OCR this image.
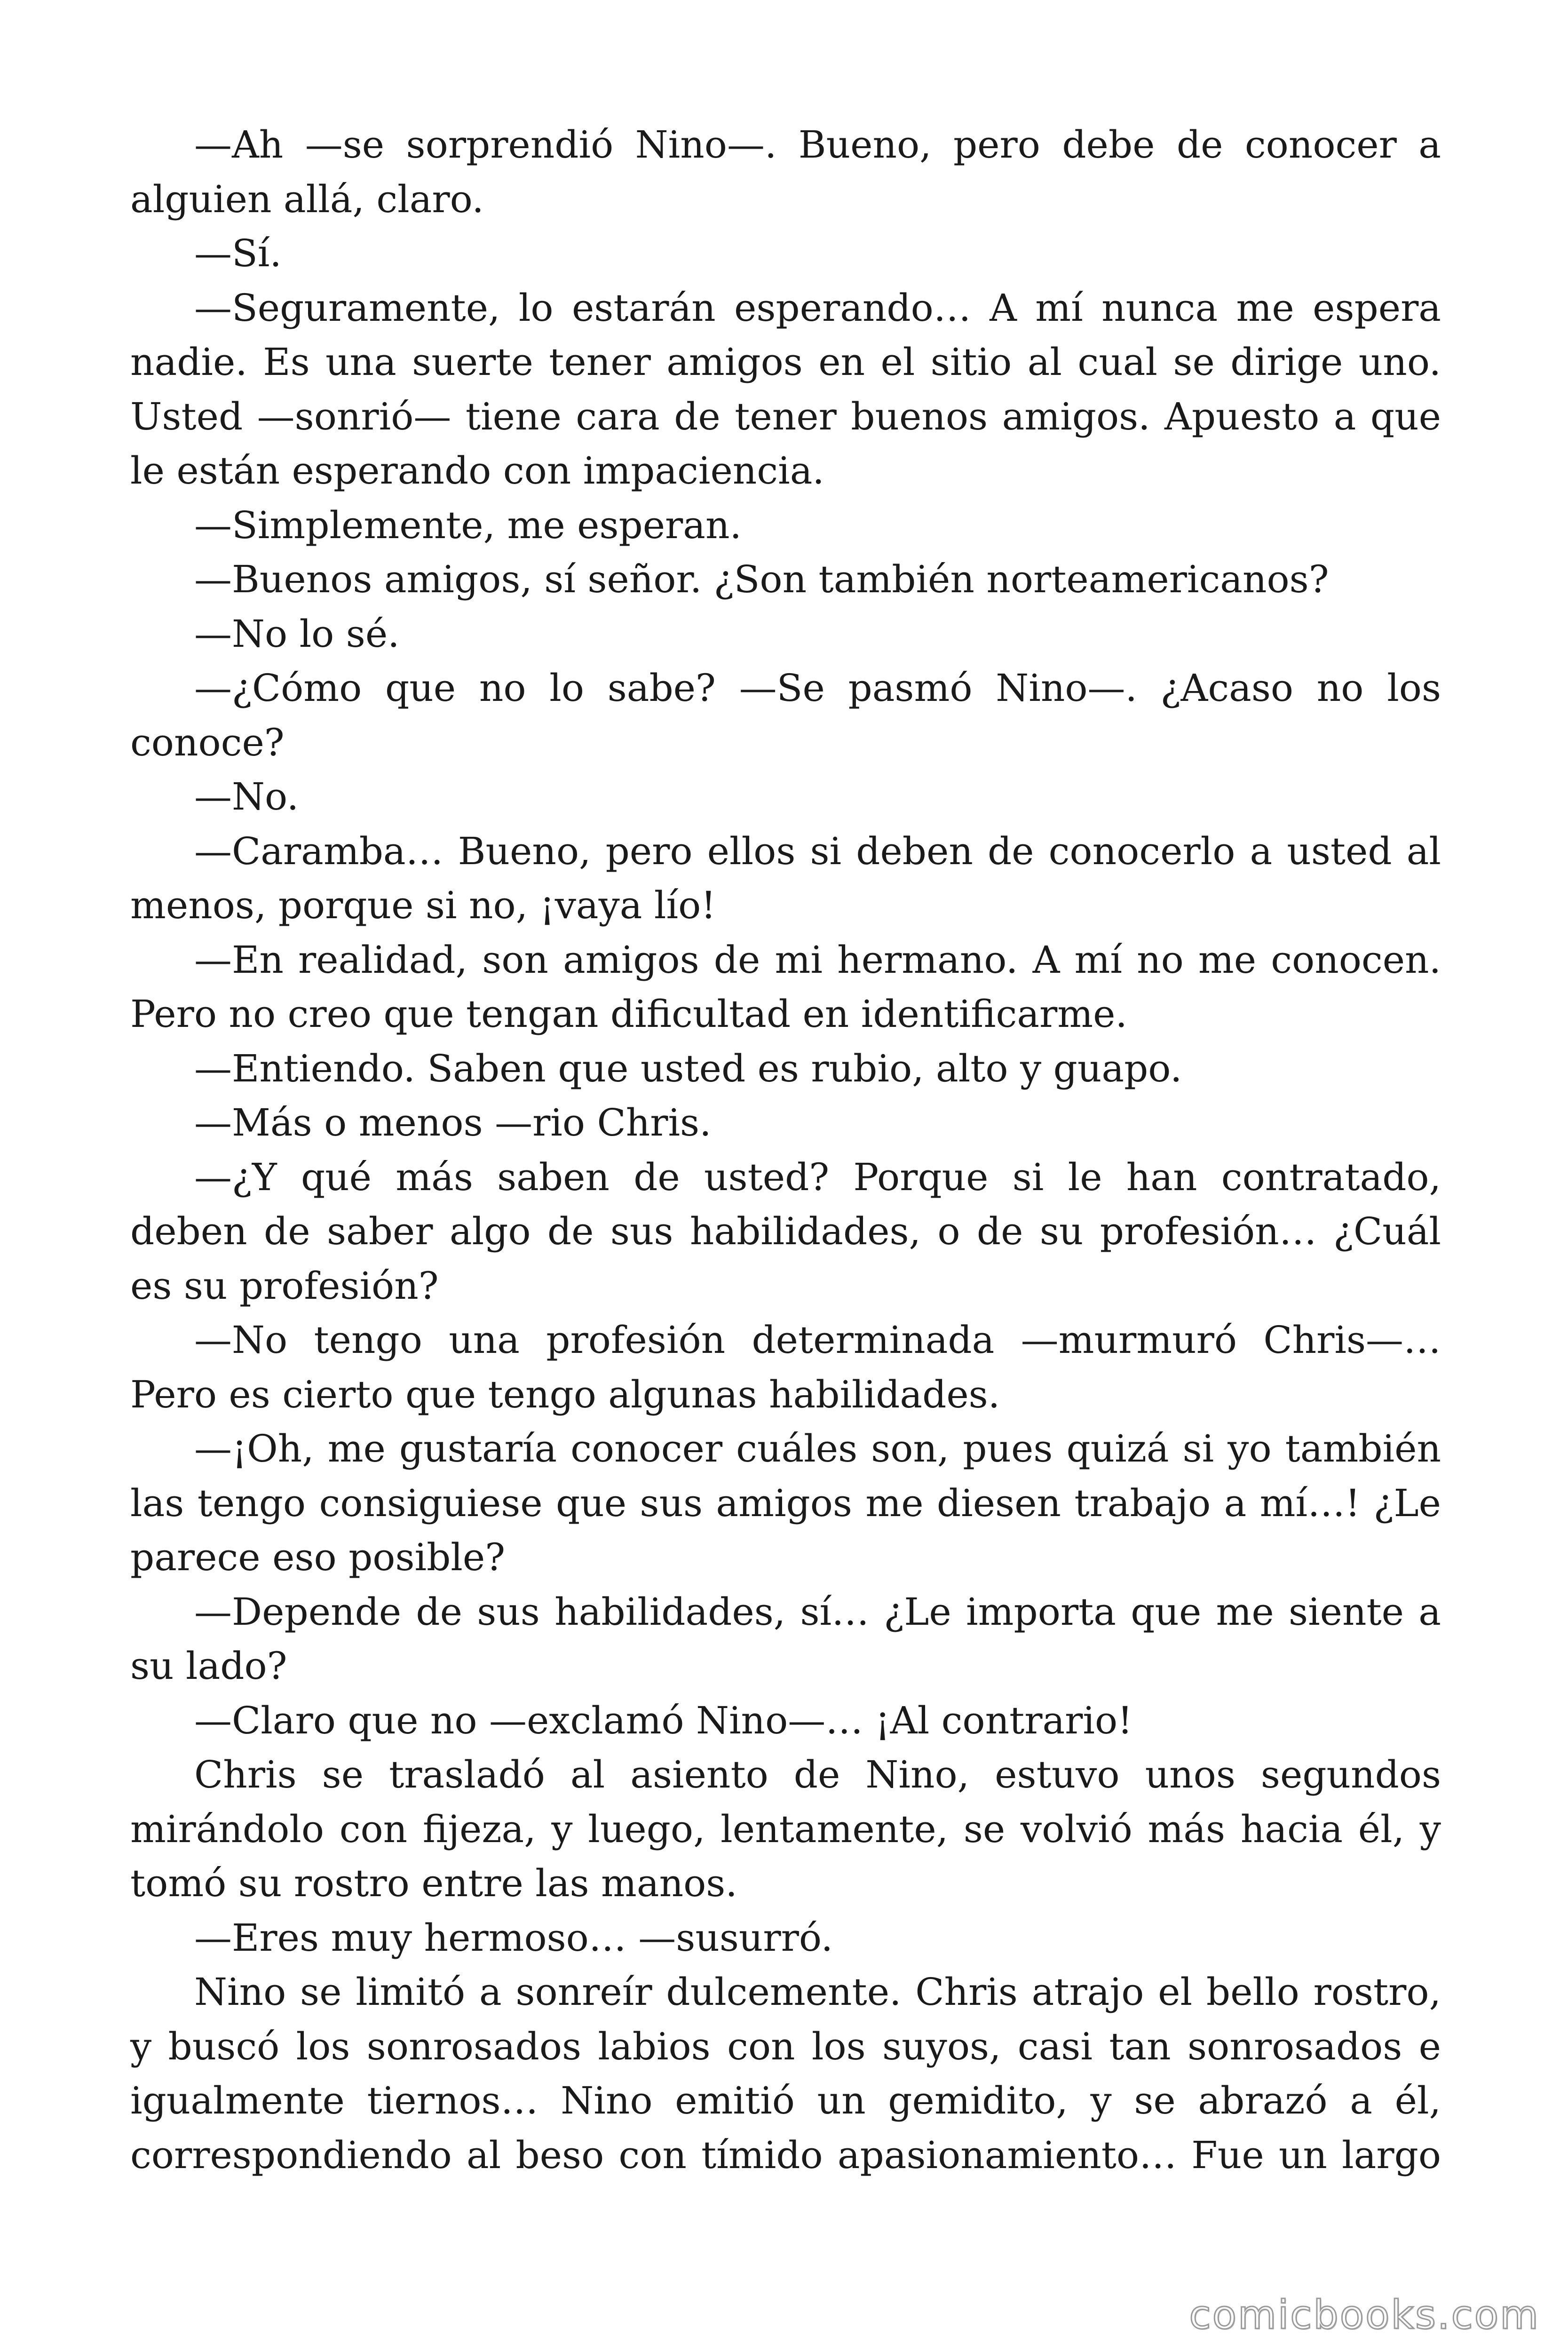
—Ah —se sorprendió Nino—. Bueno, pero debe de conocer a alguien allá, claro.

—Sí.

—Seguramente, lo estarán esperando… A mí nunca me espera nadie. Es una suerte tener amigos en el sitio al cual se dirige uno. Usted —sonrió— tiene cara de tener buenos amigos. Apuesto a que le están esperando con impaciencia.

—Simplemente, me esperan.

—Buenos amigos, sí señor. ¿Son también norteamericanos?

—No lo sé.

—¿Cómo que no lo sabe? —Se pasmó Nino—. ¿Acaso no los conoce?

—No.

—Caramba… Bueno, pero ellos si deben de conocerlo a usted al menos, porque si no, ¡vaya lío!

—En realidad, son amigos de mi hermano. A mí no me conocen. Pero no creo que tengan dificultad en identificarme.

—Entiendo. Saben que usted es rubio, alto y guapo.

—Más o menos —rio Chris.

—¿Y qué más saben de usted? Porque si le han contratado, deben de saber algo de sus habilidades, o de su profesión… ¿Cuál es su profesión?

—No tengo una profesión determinada —murmuró Chris—… Pero es cierto que tengo algunas habilidades.

—¡Oh, me gustaría conocer cuáles son, pues quizá si yo también las tengo consiguiese que sus amigos me diesen trabajo a mí…! ¿Le parece eso posible?

—Depende de sus habilidades, sí… ¿Le importa que me siente a su lado?

—Claro que no —exclamó Nino—… ¡Al contrario!

Chris se trasladó al asiento de Nino, estuvo unos segundos mirándolo con fijeza, y luego, lentamente, se volvió más hacia él, y tomó su rostro entre las manos.

—Eres muy hermoso… —susurró.

Nino se limitó a sonreír dulcemente. Chris atrajo el bello rostro, y buscó los sonrosados labios con los suyos, casi tan sonrosados e igualmente tiernos… Nino emitió un gemidito, y se abrazó a él, correspondiendo al beso con tímido apasionamiento… Fue un largo

comicbooks.com
